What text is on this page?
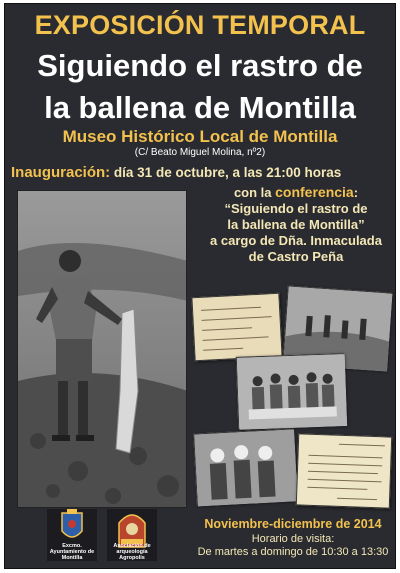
EXPOSICIÓN TEMPORAL
Siguiendo el rastro de
la ballena de Montilla
Museo Histórico Local de Montilla
(C/ Beato Miguel Molina, nº2)
Inauguración: día 31 de octubre, a las 21:00 horas
con la conferencia:
“Siguiendo el rastro de
la ballena de Montilla”
a cargo de Dña. Inmaculada
de Castro Peña
Excmo. Ayuntamiento de Montilla
Asociación de arqueología Agropolis
Noviembre-diciembre de 2014
Horario de visita:
De martes a domingo de 10:30 a 13:30
